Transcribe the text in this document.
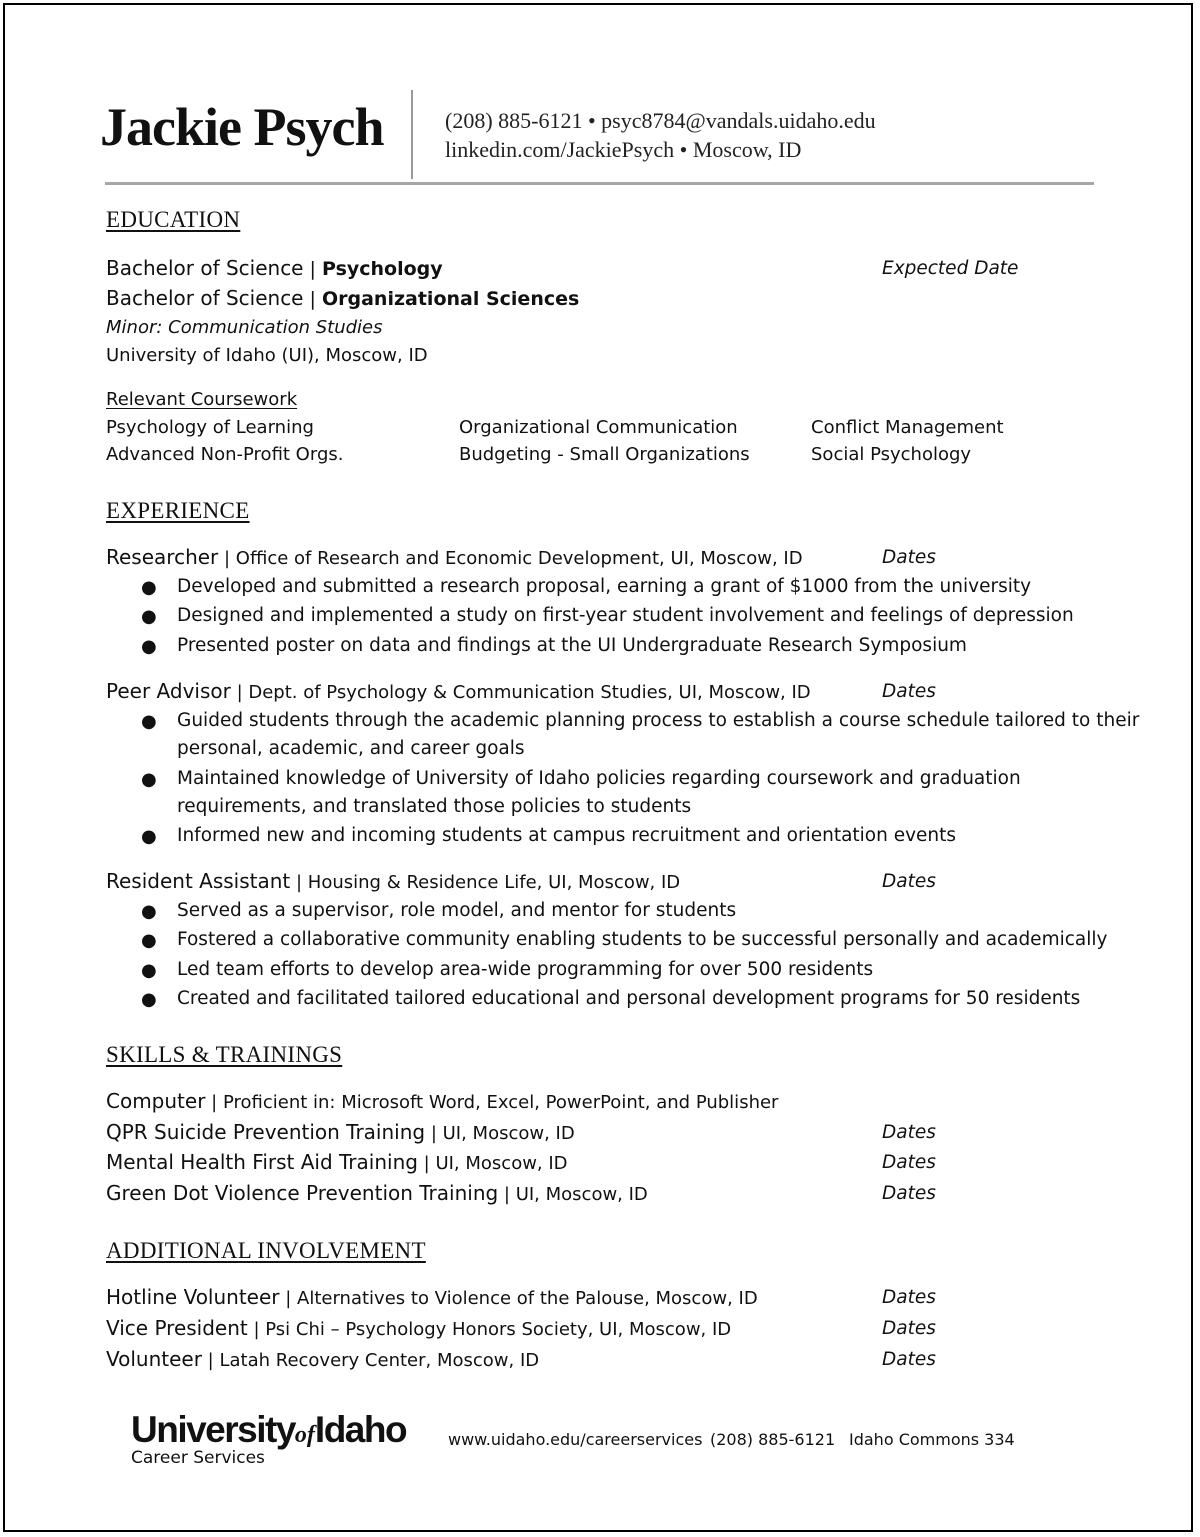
Jackie Psych	(208) 885-6121 • psyc8784@vandals.uidaho.edu
linkedin.com/JackiePsych • Moscow, ID
EDUCATION
Bachelor of Science | Psychology	Expected Date
Bachelor of Science | Organizational Sciences
Minor: Communication Studies
University of Idaho (UI), Moscow, ID
Relevant Coursework
Psychology of Learning	Organizational Communication	Conflict Management
Advanced Non-Profit Orgs.	Budgeting - Small Organizations	Social Psychology
EXPERIENCE
Researcher | Office of Research and Economic Development, UI, Moscow, ID	Dates
● Developed and submitted a research proposal, earning a grant of $1000 from the university
● Designed and implemented a study on first-year student involvement and feelings of depression
● Presented poster on data and findings at the UI Undergraduate Research Symposium
Peer Advisor | Dept. of Psychology & Communication Studies, UI, Moscow, ID	Dates
● Guided students through the academic planning process to establish a course schedule tailored to their
personal, academic, and career goals
● Maintained knowledge of University of Idaho policies regarding coursework and graduation
requirements, and translated those policies to students
● Informed new and incoming students at campus recruitment and orientation events
Resident Assistant | Housing & Residence Life, UI, Moscow, ID	Dates
● Served as a supervisor, role model, and mentor for students
● Fostered a collaborative community enabling students to be successful personally and academically
● Led team efforts to develop area-wide programming for over 500 residents
● Created and facilitated tailored educational and personal development programs for 50 residents
SKILLS & TRAININGS
Computer | Proficient in: Microsoft Word, Excel, PowerPoint, and Publisher
QPR Suicide Prevention Training | UI, Moscow, ID	Dates
Mental Health First Aid Training | UI, Moscow, ID	Dates
Green Dot Violence Prevention Training | UI, Moscow, ID	Dates
ADDITIONAL INVOLVEMENT
Hotline Volunteer | Alternatives to Violence of the Palouse, Moscow, ID	Dates
Vice President | Psi Chi – Psychology Honors Society, UI, Moscow, ID	Dates
Volunteer | Latah Recovery Center, Moscow, ID	Dates
UniversityofIdaho
Career Services
www.uidaho.edu/careerservices (208) 885-6121 Idaho Commons 334
